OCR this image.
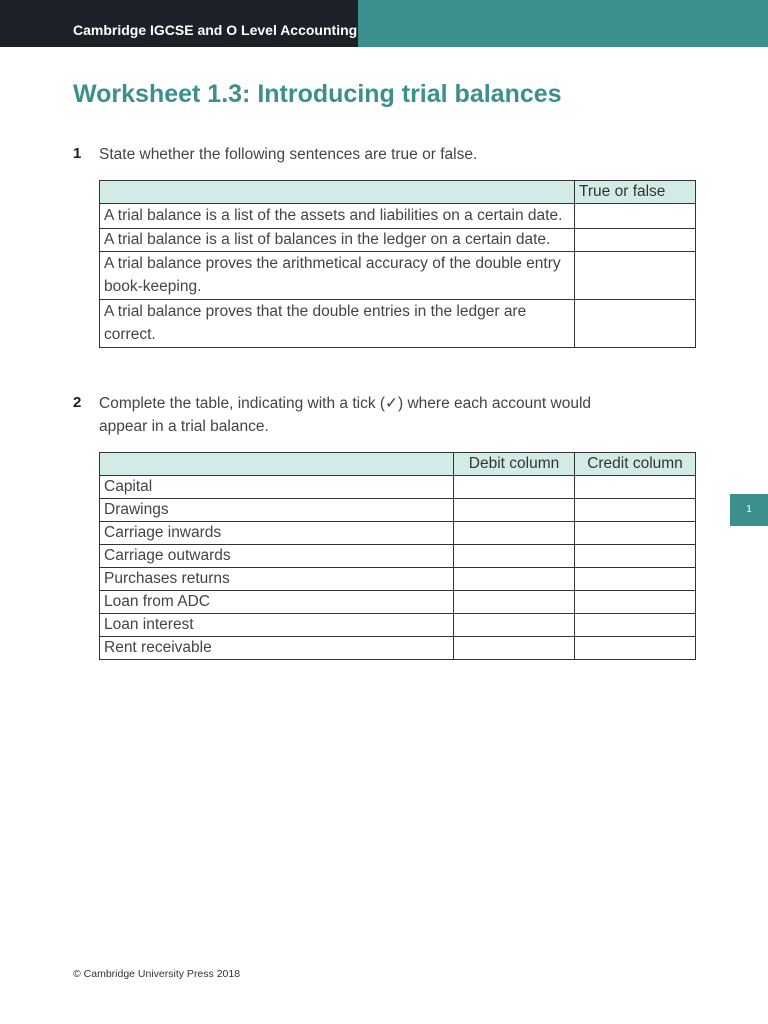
Cambridge IGCSE and O Level Accounting
Worksheet 1.3: Introducing trial balances
1 State whether the following sentences are true or false.
	True or false
A trial balance is a list of the assets and liabilities on a certain date.	
A trial balance is a list of balances in the ledger on a certain date.	
A trial balance proves the arithmetical accuracy of the double entry book-keeping.	
A trial balance proves that the double entries in the ledger are correct.	
2 Complete the table, indicating with a tick (✓) where each account would
appear in a trial balance.
	Debit column	Credit column
Capital		
Drawings		
Carriage inwards		
Carriage outwards		
Purchases returns		
Loan from ADC		
Loan interest		
Rent receivable		
1
© Cambridge University Press 2018
